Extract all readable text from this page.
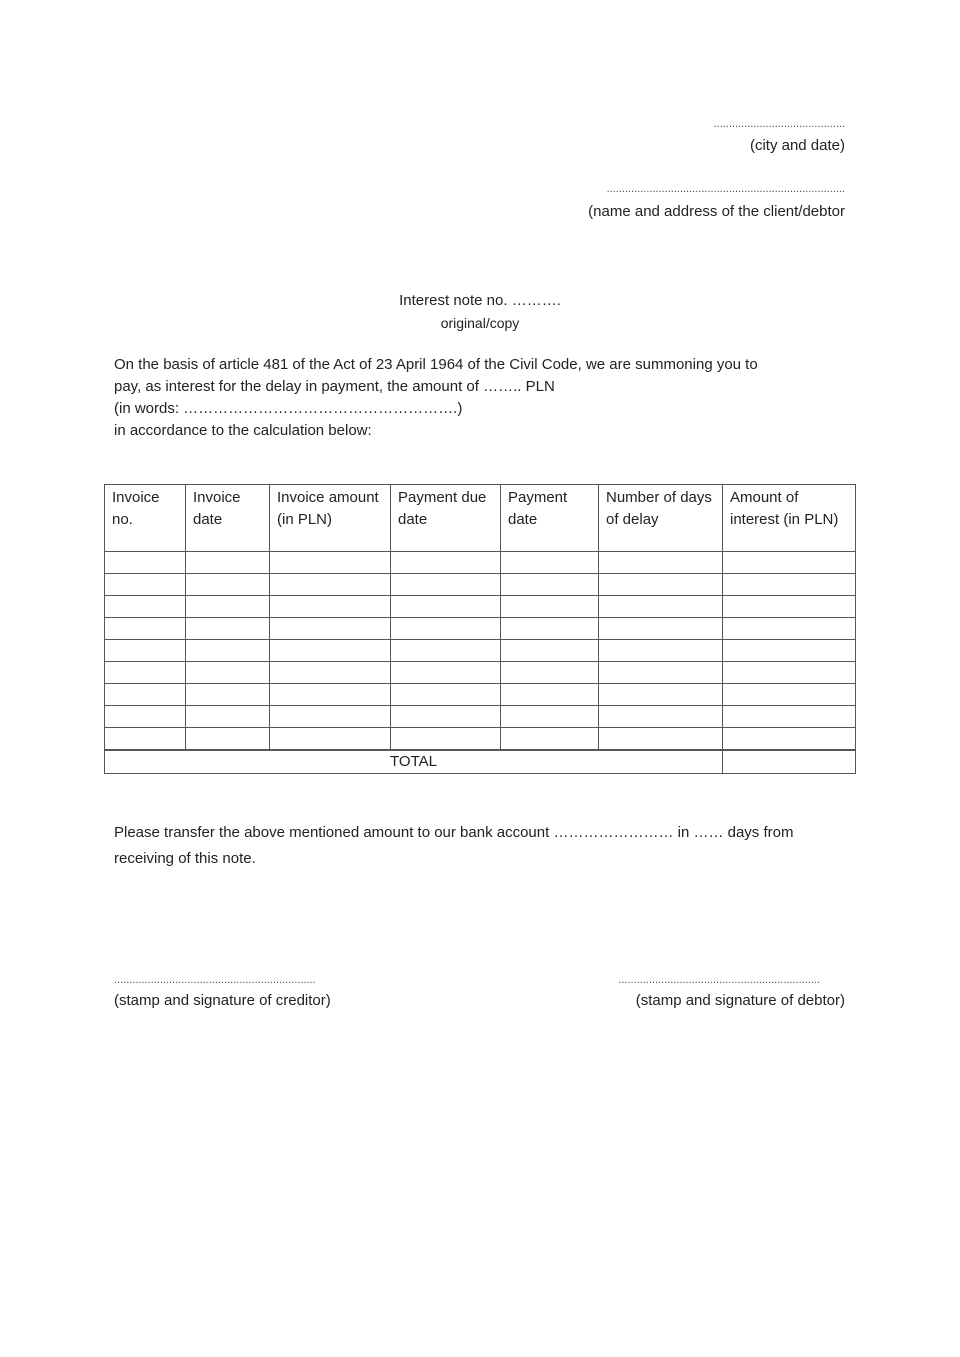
...........................................
(city and date)
..............................................................................
(name and address of the client/debtor
Interest note no. ……….
original/copy

On the basis of article 481 of the Act of 23 April 1964 of the Civil Code, we are summoning you to

pay, as interest for the delay in payment, the amount of …….. PLN

(in words: ……………………………………………….)

in accordance to the calculation below:

Invoice no.	Invoice date	Invoice amount (in PLN)	Payment due date	Payment date	Number of days of delay	Amount of interest (in PLN)

TOTAL						

Please transfer the above mentioned amount to our bank account …………………… in …… days from

receiving of this note.

..................................................................
(stamp and signature of creditor)
..................................................................
(stamp and signature of debtor)
